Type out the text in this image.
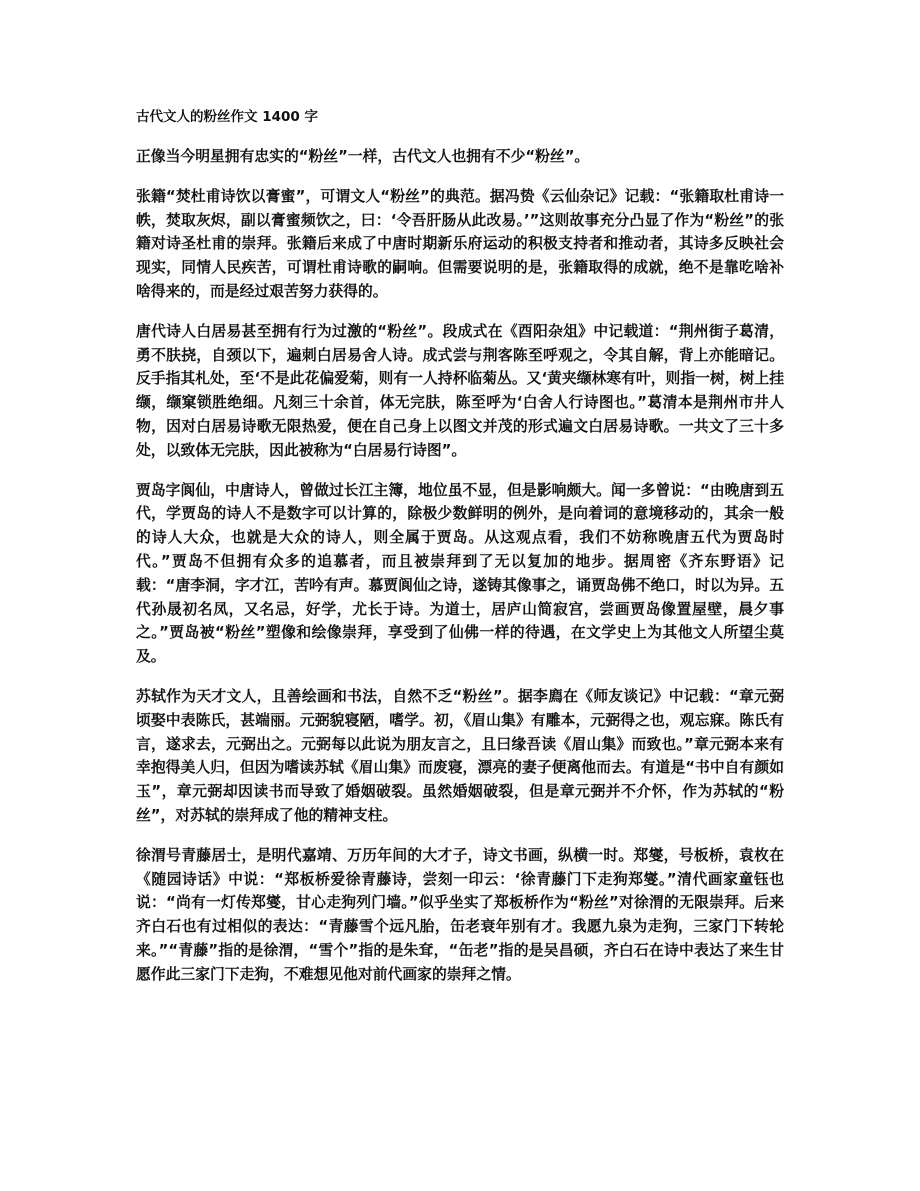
古代文人的粉丝作文 1400 字

正像当今明星拥有忠实的“粉丝”一样，古代文人也拥有不少“粉丝”。

张籍“焚杜甫诗饮以膏蜜”，可谓文人“粉丝”的典范。据冯贽《云仙杂记》记载：“张籍取杜甫诗一帙，焚取灰烬，副以膏蜜频饮之，曰：‘令吾肝肠从此改易。’”这则故事充分凸显了作为“粉丝”的张籍对诗圣杜甫的崇拜。张籍后来成了中唐时期新乐府运动的积极支持者和推动者，其诗多反映社会现实，同情人民疾苦，可谓杜甫诗歌的嗣响。但需要说明的是，张籍取得的成就，绝不是靠吃啥补啥得来的，而是经过艰苦努力获得的。

唐代诗人白居易甚至拥有行为过激的“粉丝”。段成式在《酉阳杂俎》中记载道：“荆州街子葛清，勇不肤挠，自颈以下，遍刺白居易舍人诗。成式尝与荆客陈至呼观之，令其自解，背上亦能暗记。反手指其札处，至‘不是此花偏爱菊，则有一人持杯临菊丛。又‘黄夹缬林寒有叶，则指一树，树上挂缬，缬窠锁胜绝细。凡刻三十余首，体无完肤，陈至呼为‘白舍人行诗图也。”葛清本是荆州市井人物，因对白居易诗歌无限热爱，便在自己身上以图文并茂的形式遍文白居易诗歌。一共文了三十多处，以致体无完肤，因此被称为“白居易行诗图”。

贾岛字阆仙，中唐诗人，曾做过长江主簿，地位虽不显，但是影响颇大。闻一多曾说：“由晚唐到五代，学贾岛的诗人不是数字可以计算的，除极少数鲜明的例外，是向着词的意境移动的，其余一般的诗人大众，也就是大众的诗人，则全属于贾岛。从这观点看，我们不妨称晚唐五代为贾岛时代。”贾岛不但拥有众多的追慕者，而且被崇拜到了无以复加的地步。据周密《齐东野语》记载：“唐李洞，字才江，苦吟有声。慕贾阆仙之诗，遂铸其像事之，诵贾岛佛不绝口，时以为异。五代孙晟初名凤，又名忌，好学，尤长于诗。为道士，居庐山简寂宫，尝画贾岛像置屋壁，晨夕事之。”贾岛被“粉丝”塑像和绘像崇拜，享受到了仙佛一样的待遇，在文学史上为其他文人所望尘莫及。

苏轼作为天才文人，且善绘画和书法，自然不乏“粉丝”。据李廌在《师友谈记》中记载：“章元弼顷娶中表陈氏，甚端丽。元弼貌寝陋，嗜学。初，《眉山集》有雕本，元弼得之也，观忘寐。陈氏有言，遂求去，元弼出之。元弼每以此说为朋友言之，且曰缘吾读《眉山集》而致也。”章元弼本来有幸抱得美人归，但因为嗜读苏轼《眉山集》而废寝，漂亮的妻子便离他而去。有道是“书中自有颜如玉”，章元弼却因读书而导致了婚姻破裂。虽然婚姻破裂，但是章元弼并不介怀，作为苏轼的“粉丝”，对苏轼的崇拜成了他的精神支柱。

徐渭号青藤居士，是明代嘉靖、万历年间的大才子，诗文书画，纵横一时。郑燮，号板桥，袁枚在《随园诗话》中说：“郑板桥爱徐青藤诗，尝刻一印云：‘徐青藤门下走狗郑燮。”清代画家童钰也说：“尚有一灯传郑燮，甘心走狗列门墙。”似乎坐实了郑板桥作为“粉丝”对徐渭的无限崇拜。后来齐白石也有过相似的表达：“青藤雪个远凡胎，缶老衰年别有才。我愿九泉为走狗，三家门下转轮来。”“青藤”指的是徐渭，“雪个”指的是朱耷，“缶老”指的是吴昌硕，齐白石在诗中表达了来生甘愿作此三家门下走狗，不难想见他对前代画家的崇拜之情。
